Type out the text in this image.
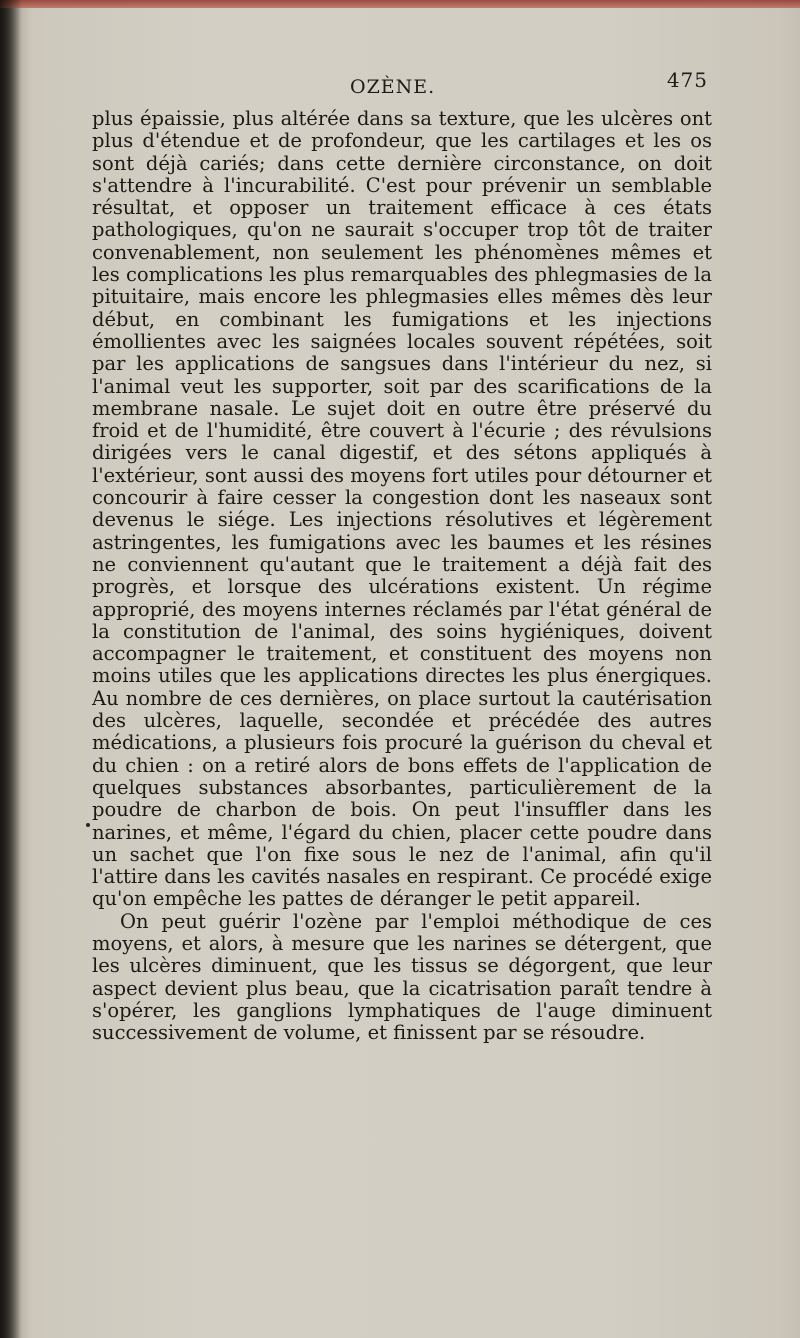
OZÈNE.	475

plus épaissie, plus altérée dans sa texture, que les ulcères ont plus d'étendue et de profondeur, que les cartilages et les os sont déjà cariés; dans cette dernière circonstance, on doit s'attendre à l'incurabilité. C'est pour prévenir un semblable résultat, et opposer un traitement efficace à ces états pathologiques, qu'on ne saurait s'occuper trop tôt de traiter convenablement, non seulement les phénomènes mêmes et les complications les plus remarquables des phlegmasies de la pituitaire, mais encore les phlegmasies elles mêmes dès leur début, en combinant les fumigations et les injections émollientes avec les saignées locales souvent répétées, soit par les applications de sangsues dans l'intérieur du nez, si l'animal veut les supporter, soit par des scarifications de la membrane nasale. Le sujet doit en outre être préservé du froid et de l'humidité, être couvert à l'écurie ; des révulsions dirigées vers le canal digestif, et des sétons appliqués à l'extérieur, sont aussi des moyens fort utiles pour détourner et concourir à faire cesser la congestion dont les naseaux sont devenus le siége. Les injections résolutives et légèrement astringentes, les fumigations avec les baumes et les résines ne conviennent qu'autant que le traitement a déjà fait des progrès, et lorsque des ulcérations existent. Un régime approprié, des moyens internes réclamés par l'état général de la constitution de l'animal, des soins hygiéniques, doivent accompagner le traitement, et constituent des moyens non moins utiles que les applications directes les plus énergiques. Au nombre de ces dernières, on place surtout la cautérisation des ulcères, laquelle, secondée et précédée des autres médications, a plusieurs fois procuré la guérison du cheval et du chien : on a retiré alors de bons effets de l'application de quelques substances absorbantes, particulièrement de la poudre de charbon de bois. On peut l'insuffler dans les narines, et même, l'égard du chien, placer cette poudre dans un sachet que l'on fixe sous le nez de l'animal, afin qu'il l'attire dans les cavités nasales en respirant. Ce procédé exige qu'on empêche les pattes de déranger le petit appareil.

On peut guérir l'ozène par l'emploi méthodique de ces moyens, et alors, à mesure que les narines se détergent, que les ulcères diminuent, que les tissus se dégorgent, que leur aspect devient plus beau, que la cicatrisation paraît tendre à s'opérer, les ganglions lymphatiques de l'auge diminuent successivement de volume, et finissent par se résoudre.
